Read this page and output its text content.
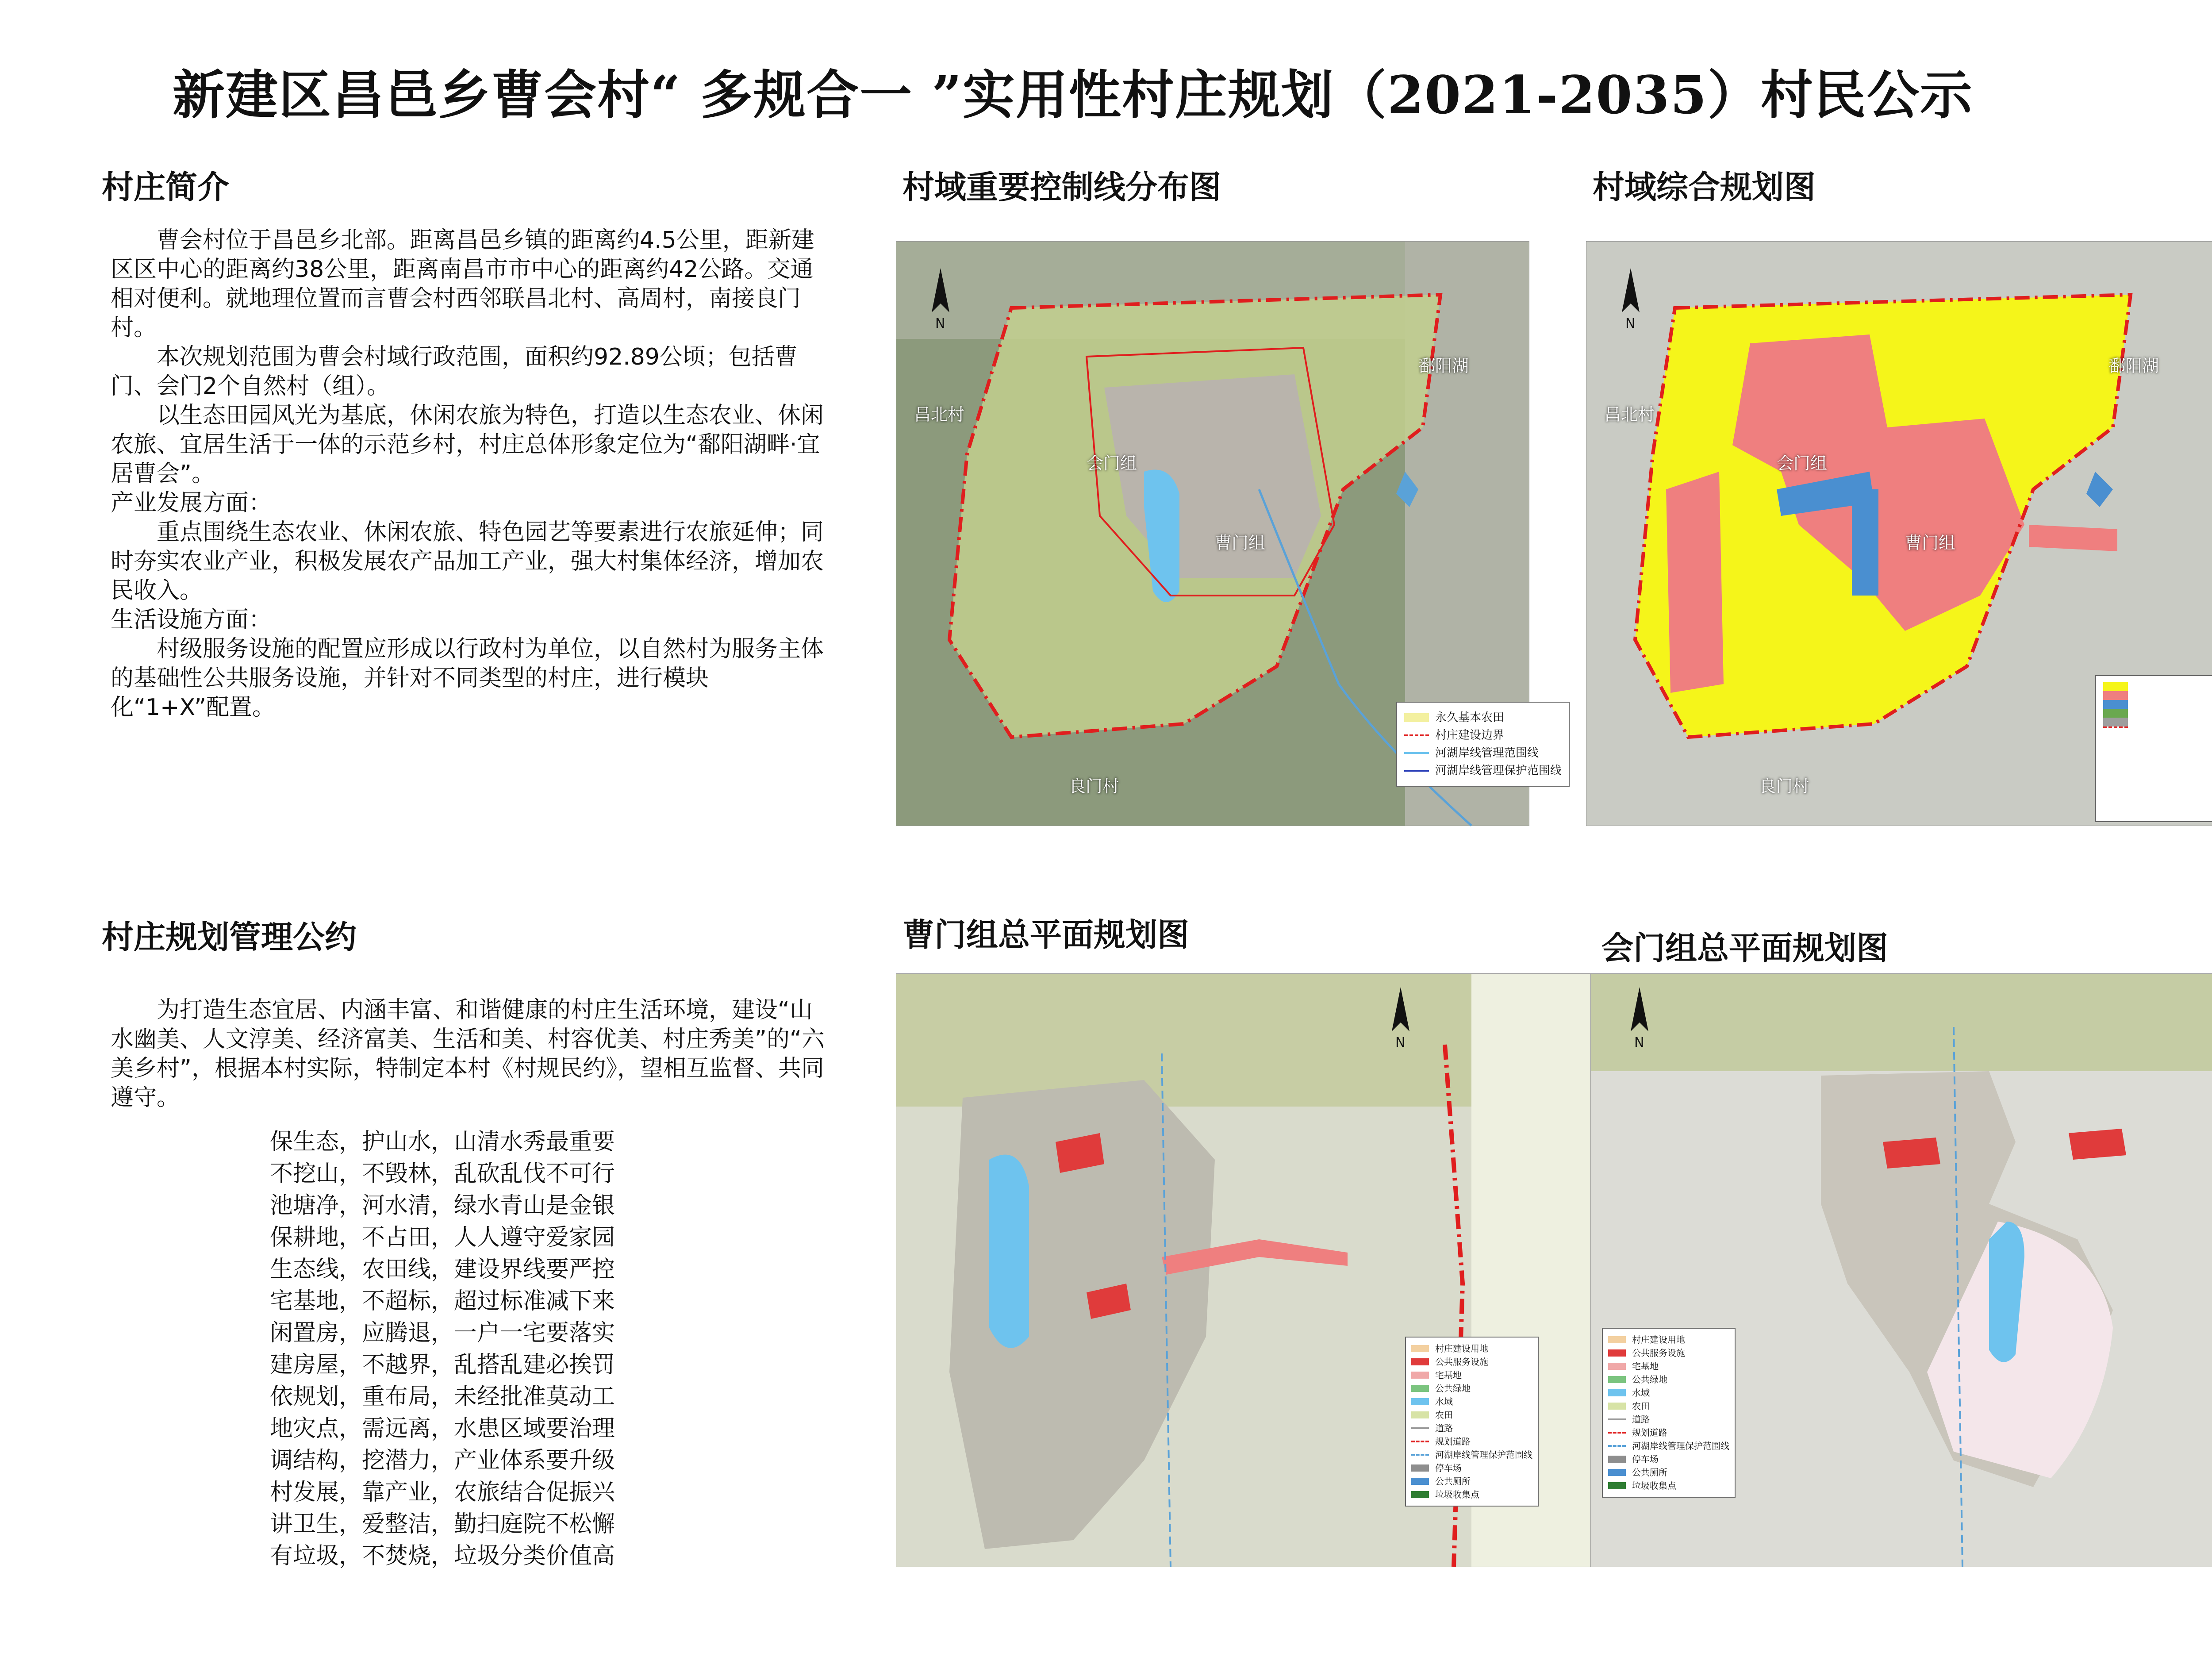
新建区昌邑乡曹会村“ 多规合一 ”实用性村庄规划（2021-2035）村民公示
村庄简介

曹会村位于昌邑乡北部。距离昌邑乡镇的距离约4.5公里，距新建区区中心的距离约38公里，距离南昌市市中心的距离约42公路。交通相对便利。就地理位置而言曹会村西邻联昌北村、高周村，南接良门村。

本次规划范围为曹会村域行政范围，面积约92.89公顷；包括曹门、会门2个自然村（组）。

以生态田园风光为基底，休闲农旅为特色，打造以生态农业、休闲农旅、宜居生活于一体的示范乡村，村庄总体形象定位为“鄱阳湖畔·宜居曹会”。

产业发展方面：

重点围绕生态农业、休闲农旅、特色园艺等要素进行农旅延伸；同时夯实农业产业，积极发展农产品加工产业，强大村集体经济，增加农民收入。

生活设施方面：

村级服务设施的配置应形成以行政村为单位，以自然村为服务主体的基础性公共服务设施，并针对不同类型的村庄，进行模块化“1+X”配置。

村庄规划管理公约

为打造生态宜居、内涵丰富、和谐健康的村庄生活环境，建设“山水幽美、人文淳美、经济富美、生活和美、村容优美、村庄秀美”的“六美乡村”，根据本村实际，特制定本村《村规民约》，望相互监督、共同遵守。

保生态，护山水，山清水秀最重要
不挖山，不毁林，乱砍乱伐不可行
池塘净，河水清，绿水青山是金银
保耕地，不占田，人人遵守爱家园
生态线，农田线，建设界线要严控
宅基地，不超标，超过标准减下来
闲置房，应腾退，一户一宅要落实
建房屋，不越界，乱搭乱建必挨罚
依规划，重布局，未经批准莫动工
地灾点，需远离，水患区域要治理
调结构，挖潜力，产业体系要升级
村发展，靠产业，农旅结合促振兴
讲卫生，爱整洁，勤扫庭院不松懈
有垃圾，不焚烧，垃圾分类价值高
村域重要控制线分布图
N
鄱阳湖
昌北村
良门村
会门组
曹门组
永久基本农田
村庄建设边界
河湖岸线管理范围线
河湖岸线管理保护范围线
村域综合规划图
N
鄱阳湖
昌北村
良门村
会门组
曹门组
曹门组总平面规划图
N
村庄建设用地
公共服务设施
宅基地
公共绿地
水域
农田
道路
规划道路
河湖岸线管理保护范围线
停车场
公共厕所
垃圾收集点
会门组总平面规划图
N
村庄建设用地
公共服务设施
宅基地
公共绿地
水域
农田
道路
规划道路
河湖岸线管理保护范围线
停车场
公共厕所
垃圾收集点
